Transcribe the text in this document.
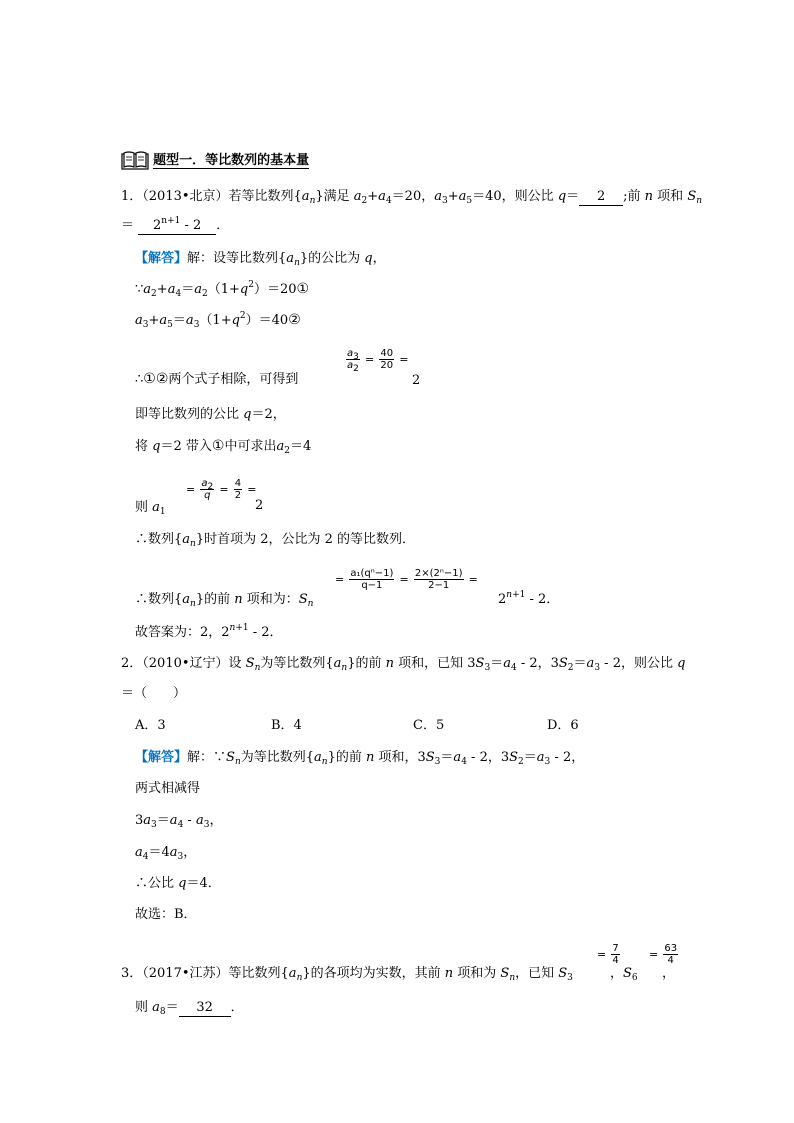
题型一．等比数列的基本量
1．（2013•北京）若等比数列$\{a_n\}$满足 $a_2+a_4=20$，$a_3+a_5=40$，则公比 q＝ 2 ;前 n 项和 $S_n$
＝ $2^{n+1} - 2$ ．
【解答】解：设等比数列$\{a_n\}$的公比为 q，
$\because a_2+a_4=a_2(1+q^2)=20①$
$a_3+a_5=a_3(1+q^2)=40②$
∴①②两个式子相除，可得到
$\frac{a_3}{a_2} = \frac{40}{20}$ =
2
即等比数列的公比 q＝2，
将 q＝2 带入①中可求出$a_2=4$
= $\frac{a_2}{q} = \frac{4}{2}$ =
则 $a_1$	2
∴数列$\{a_n\}$时首项为 2，公比为 2 的等比数列．
= $\frac{\text{a₁(qⁿ−1)}}{q-1} = \frac{\text{2×(2ⁿ−1)}}{2-1}$ =
∴数列$\{a_n\}$的前 n 项和为：$S_n$	$2^{n+1} - 2$．
故答案为：2，$2^{n+1} - 2$．
2．（2010•辽宁）设 $S_n$为等比数列$\{a_n\}$的前 n 项和，已知 $3S_3=a_4 - 2$，$3S_2=a_3 - 2$，则公比 q
＝（　　）
A．3	B．4	C．5	D．6
【解答】解：$\because S_n$为等比数列$\{a_n\}$的前 n 项和，$3S_3=a_4 - 2$，$3S_2=a_3 - 2$，
两式相减得
$3a_3=a_4 - a_3$，
$a_4=4a_3$，
∴公比 q＝4．
故选：B．
= $\frac{7}{4}$	= $\frac{63}{4}$
3．（2017•江苏）等比数列$\{a_n\}$的各项均为实数，其前 n 项和为 $S_n$，已知 $S_3$	，$S_6$ ，
则 $a_8= 32$ ．
